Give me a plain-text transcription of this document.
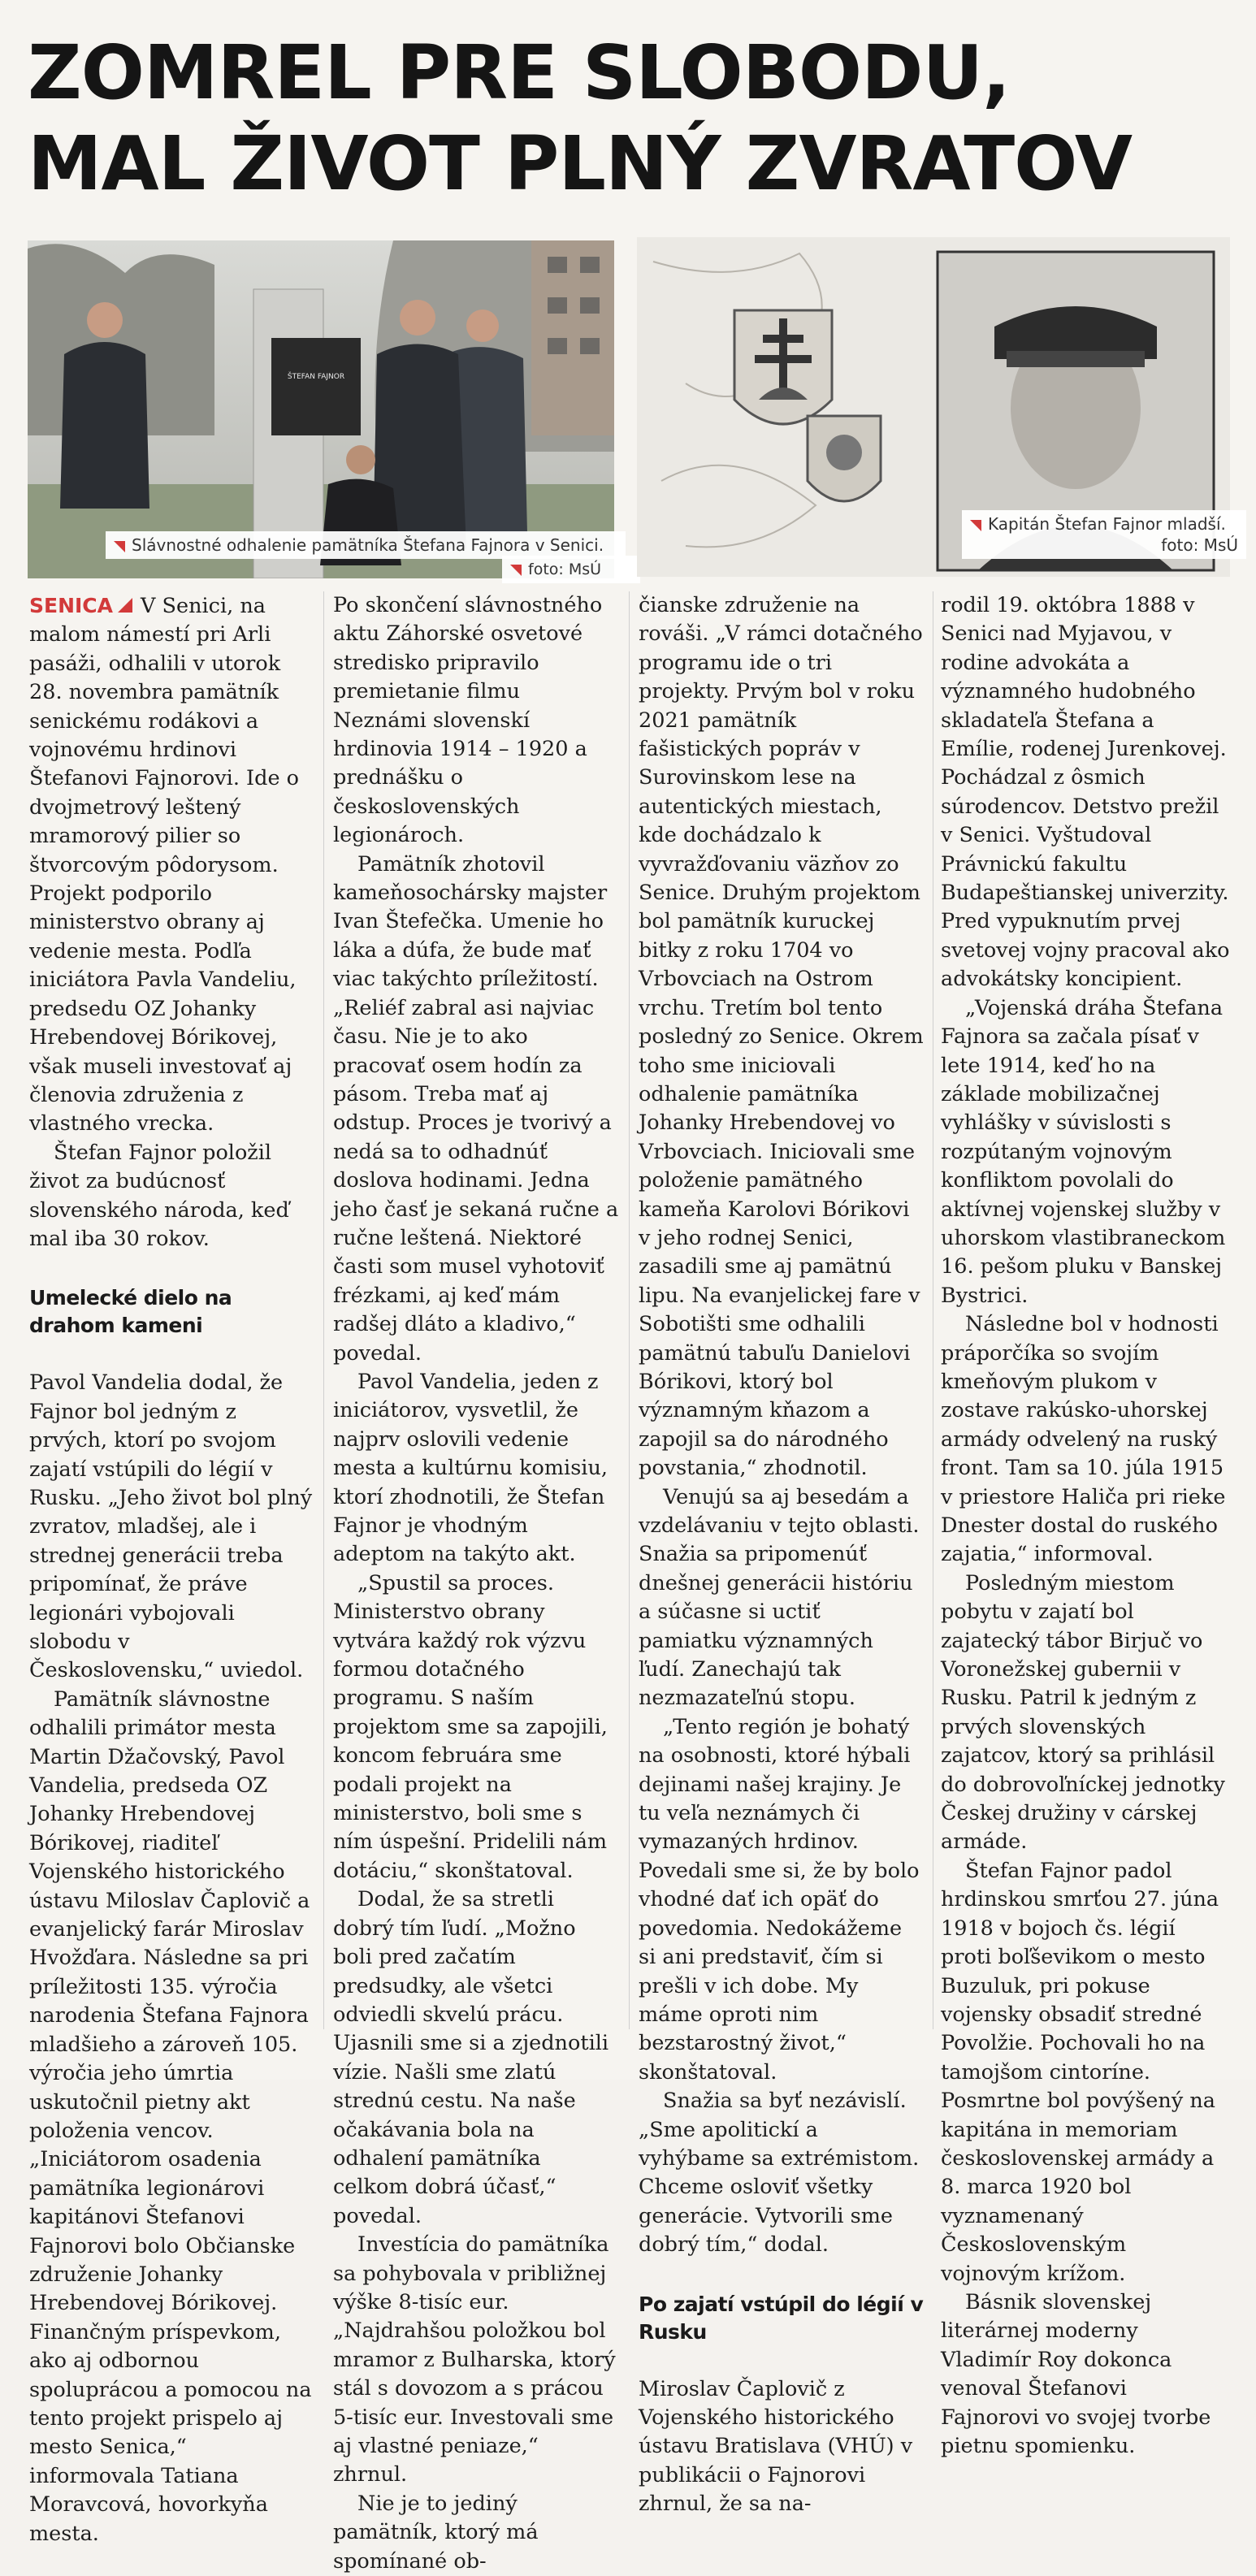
ZOMREL PRE SLOBODU,
MAL ŽIVOT PLNÝ ZVRATOV
ŠTEFAN FAJNOR
Slávnostné odhalenie pamätníka Štefana Fajnora v Senici.
foto: MsÚ
Kapitán Štefan Fajnor mladší.
foto: MsÚ

SENICA V Senici, na malom námestí pri Arli pasáži, odhalili v utorok 28. novembra pamätník senickému rodákovi a vojnovému hrdinovi Štefanovi Fajnorovi. Ide o dvojmetrový leštený mramorový pilier so štvorcovým pôdorysom. Projekt podporilo ministerstvo obrany aj vedenie mesta. Podľa iniciátora Pavla Vandeliu, predsedu OZ Johanky Hrebendovej Bórikovej, však museli investovať aj členovia združenia z vlastného vrecka.

Štefan Fajnor položil život za budúcnosť slovenského národa, keď mal iba 30 rokov.

Umelecké dielo na drahom kameni

Pavol Vandelia dodal, že Fajnor bol jedným z prvých, ktorí po svojom zajatí vstúpili do légií v Rusku. „Jeho život bol plný zvratov, mladšej, ale i strednej generácii treba pripomínať, že práve legionári vybojovali slobodu v Československu,“ uviedol.

Pamätník slávnostne odhalili primátor mesta Martin Džačovský, Pavol Vandelia, predseda OZ Johanky Hrebendovej Bórikovej, riaditeľ Vojenského historického ústavu Miloslav Čaplovič a evanjelický farár Miroslav Hvožďara. Následne sa pri príležitosti 135. výročia narodenia Štefana Fajnora mladšieho a zároveň 105. výročia jeho úmrtia uskutočnil pietny akt položenia vencov. „Iniciátorom osadenia pamätníka legionárovi kapitánovi Štefanovi Fajnorovi bolo Občianske združenie Johanky Hrebendovej Bórikovej. Finančným príspevkom, ako aj odbornou spoluprácou a pomocou na tento projekt prispelo aj mesto Senica,“ informovala Tatiana Moravcová, hovorkyňa mesta.

Po skončení slávnostného aktu Záhorské osvetové stredisko pripravilo premietanie filmu Neznámi slovenskí hrdinovia 1914 – 1920 a prednášku o československých legionároch.

Pamätník zhotovil kameňosochársky majster Ivan Štefečka. Umenie ho láka a dúfa, že bude mať viac takýchto príležitostí. „Reliéf zabral asi najviac času. Nie je to ako pracovať osem hodín za pásom. Treba mať aj odstup. Proces je tvorivý a nedá sa to odhadnúť doslova hodinami. Jedna jeho časť je sekaná ručne a ručne leštená. Niektoré časti som musel vyhotoviť frézkami, aj keď mám radšej dláto a kladivo,“ povedal.

Pavol Vandelia, jeden z iniciátorov, vysvetlil, že najprv oslovili vedenie mesta a kultúrnu komisiu, ktorí zhodnotili, že Štefan Fajnor je vhodným adeptom na takýto akt.

„Spustil sa proces. Ministerstvo obrany vytvára každý rok výzvu formou dotačného programu. S naším projektom sme sa zapojili, koncom februára sme podali projekt na ministerstvo, boli sme s ním úspešní. Pridelili nám dotáciu,“ skonštatoval.

Dodal, že sa stretli dobrý tím ľudí. „Možno boli pred začatím predsudky, ale všetci odviedli skvelú prácu. Ujasnili sme si a zjednotili vízie. Našli sme zlatú strednú cestu. Na naše očakávania bola na odhalení pamätníka celkom dobrá účasť,“ povedal.

Investícia do pamätníka sa pohybovala v približnej výške 8-tisíc eur. „Najdrahšou položkou bol mramor z Bulharska, ktorý stál s dovozom a s prácou 5-tisíc eur. Investovali sme aj vlastné peniaze,“ zhrnul.

Nie je to jediný pamätník, ktorý má spomínané ob-

čianske združenie na rováši. „V rámci dotačného programu ide o tri projekty. Prvým bol v roku 2021 pamätník fašistických popráv v Surovinskom lese na autentických miestach, kde dochádzalo k vyvražďovaniu väzňov zo Senice. Druhým projektom bol pamätník kuruckej bitky z roku 1704 vo Vrbovciach na Ostrom vrchu. Tretím bol tento posledný zo Senice. Okrem toho sme iniciovali odhalenie pamätníka Johanky Hrebendovej vo Vrbovciach. Iniciovali sme položenie pamätného kameňa Karolovi Bórikovi v jeho rodnej Senici, zasadili sme aj pamätnú lipu. Na evanjelickej fare v Sobotišti sme odhalili pamätnú tabuľu Danielovi Bórikovi, ktorý bol významným kňazom a zapojil sa do národného povstania,“ zhodnotil.

Venujú sa aj besedám a vzdelávaniu v tejto oblasti. Snažia sa pripomenúť dnešnej generácii históriu a súčasne si uctiť pamiatku významných ľudí. Zanechajú tak nezmazateľnú stopu.

„Tento región je bohatý na osobnosti, ktoré hýbali dejinami našej krajiny. Je tu veľa neznámych či vymazaných hrdinov. Povedali sme si, že by bolo vhodné dať ich opäť do povedomia. Nedokážeme si ani predstaviť, čím si prešli v ich dobe. My máme oproti nim bezstarostný život,“ skonštatoval.

Snažia sa byť nezávislí. „Sme apolitickí a vyhýbame sa extrémistom. Chceme osloviť všetky generácie. Vytvorili sme dobrý tím,“ dodal.

Po zajatí vstúpil do légií v Rusku

Miroslav Čaplovič z Vojenského historického ústavu Bratislava (VHÚ) v publikácii o Fajnorovi zhrnul, že sa na-

rodil 19. októbra 1888 v Senici nad Myjavou, v rodine advokáta a významného hudobného skladateľa Štefana a Emílie, rodenej Jurenkovej. Pochádzal z ôsmich súrodencov. Detstvo prežil v Senici. Vyštudoval Právnickú fakultu Budapeštianskej univerzity. Pred vypuknutím prvej svetovej vojny pracoval ako advokátsky koncipient.

„Vojenská dráha Štefana Fajnora sa začala písať v lete 1914, keď ho na základe mobilizačnej vyhlášky v súvislosti s rozpútaným vojnovým konfliktom povolali do aktívnej vojenskej služby v uhorskom vlastibraneckom 16. pešom pluku v Banskej Bystrici.

Následne bol v hodnosti práporčíka so svojím kmeňovým plukom v zostave rakúsko-uhorskej armády odvelený na ruský front. Tam sa 10. júla 1915 v priestore Haliča pri rieke Dnester dostal do ruského zajatia,“ informoval.

Posledným miestom pobytu v zajatí bol zajatecký tábor Birjuč vo Voronežskej gubernii v Rusku. Patril k jedným z prvých slovenských zajatcov, ktorý sa prihlásil do dobrovoľníckej jednotky Českej družiny v cárskej armáde.

Štefan Fajnor padol hrdinskou smrťou 27. júna 1918 v bojoch čs. légií proti boľševikom o mesto Buzuluk, pri pokuse vojensky obsadiť stredné Povolžie. Pochovali ho na tamojšom cintoríne. Posmrtne bol povýšený na kapitána in memoriam československej armády a 8. marca 1920 bol vyznamenaný Československým vojnovým krížom.

Básnik slovenskej literárnej moderny Vladimír Roy dokonca venoval Štefanovi Fajnorovi vo svojej tvorbe pietnu spomienku.
